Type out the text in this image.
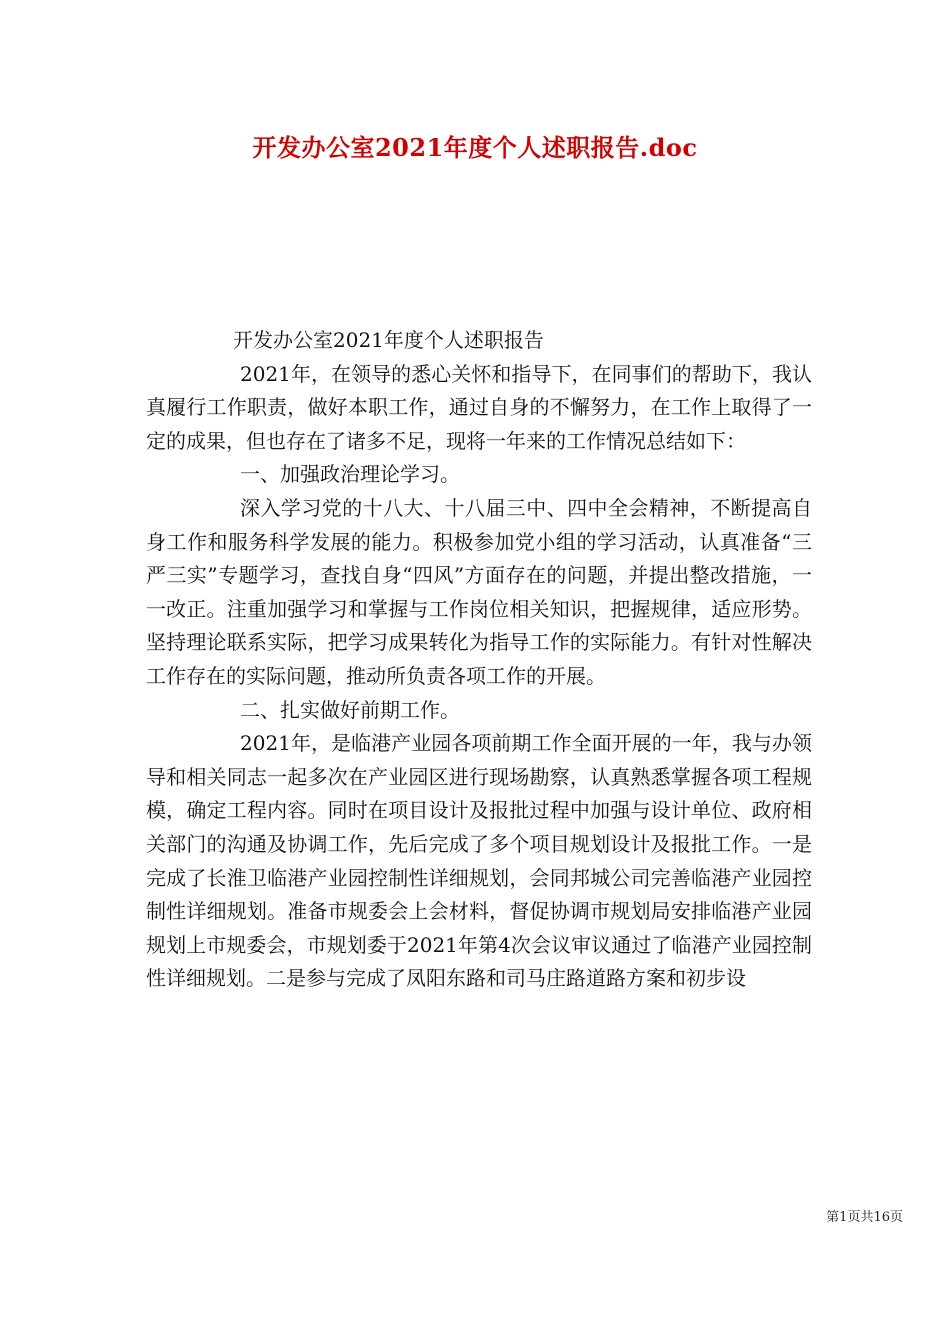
开发办公室2021年度个人述职报告.doc

开发办公室2021年度个人述职报告

2021年，在领导的悉心关怀和指导下，在同事们的帮助下，我认真履行工作职责，做好本职工作，通过自身的不懈努力，在工作上取得了一定的成果，但也存在了诸多不足，现将一年来的工作情况总结如下：

一、加强政治理论学习。

深入学习党的十八大、十八届三中、四中全会精神，不断提高自身工作和服务科学发展的能力。积极参加党小组的学习活动，认真准备“三严三实”专题学习，查找自身“四风”方面存在的问题，并提出整改措施，一一改正。注重加强学习和掌握与工作岗位相关知识，把握规律，适应形势。坚持理论联系实际，把学习成果转化为指导工作的实际能力。有针对性解决工作存在的实际问题，推动所负责各项工作的开展。

二、扎实做好前期工作。

2021年，是临港产业园各项前期工作全面开展的一年，我与办领导和相关同志一起多次在产业园区进行现场勘察，认真熟悉掌握各项工程规模，确定工程内容。同时在项目设计及报批过程中加强与设计单位、政府相关部门的沟通及协调工作，先后完成了多个项目规划设计及报批工作。一是完成了长淮卫临港产业园控制性详细规划，会同邦城公司完善临港产业园控制性详细规划。准备市规委会上会材料，督促协调市规划局安排临港产业园规划上市规委会，市规划委于2021年第4次会议审议通过了临港产业园控制性详细规划。二是参与完成了凤阳东路和司马庄路道路方案和初步设

第1页共16页
